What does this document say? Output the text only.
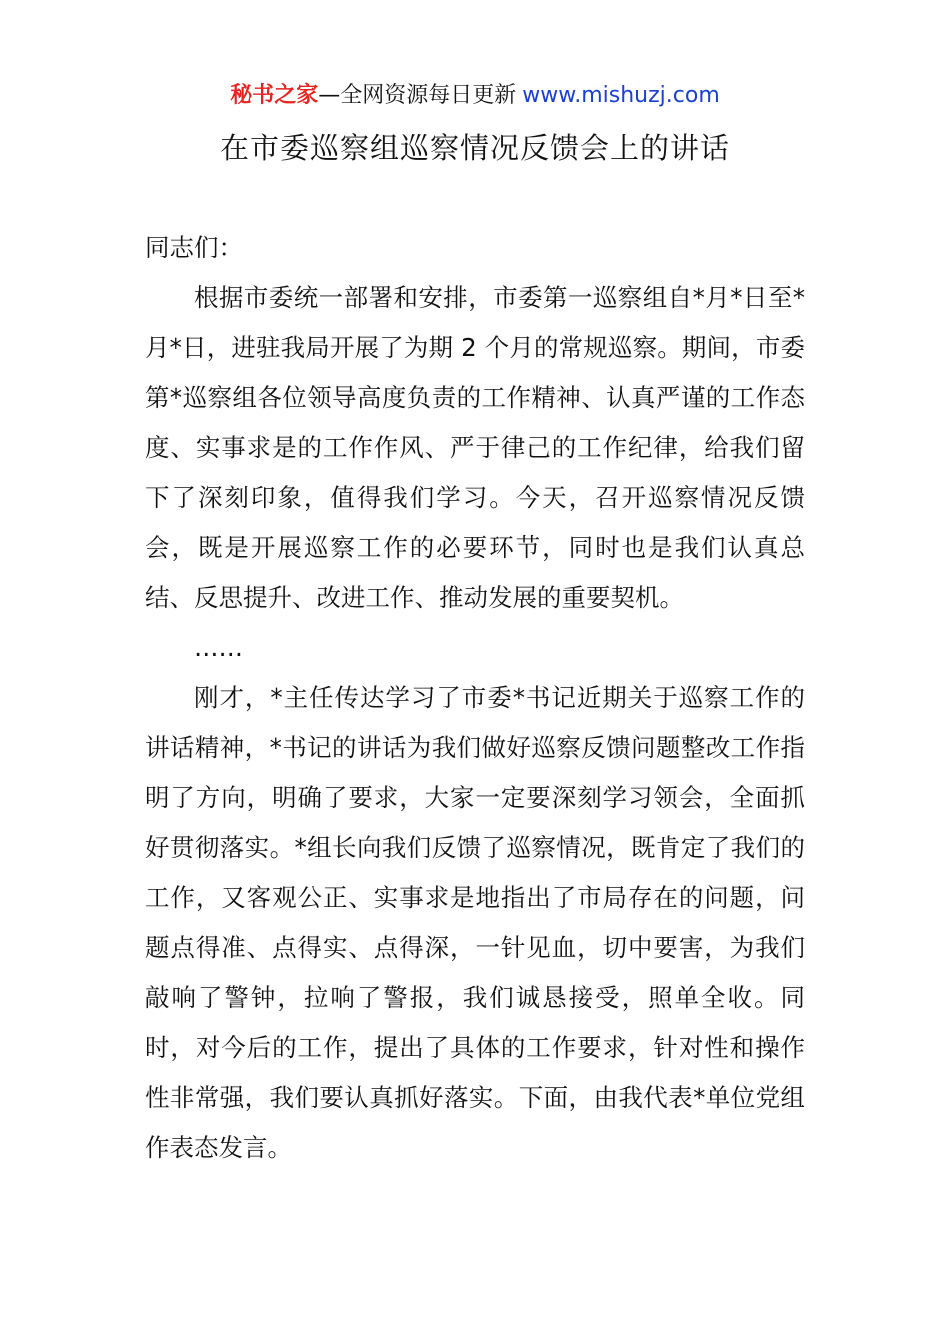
秘书之家—全网资源每日更新 www.mishuzj.com
在市委巡察组巡察情况反馈会上的讲话

同志们：

根据市委统一部署和安排，市委第一巡察组自*月*日至*月*日，进驻我局开展了为期 2 个月的常规巡察。期间，市委第*巡察组各位领导高度负责的工作精神、认真严谨的工作态度、实事求是的工作作风、严于律己的工作纪律，给我们留下了深刻印象，值得我们学习。今天，召开巡察情况反馈会，既是开展巡察工作的必要环节，同时也是我们认真总结、反思提升、改进工作、推动发展的重要契机。

……

刚才，*主任传达学习了市委*书记近期关于巡察工作的讲话精神，*书记的讲话为我们做好巡察反馈问题整改工作指明了方向，明确了要求，大家一定要深刻学习领会，全面抓好贯彻落实。*组长向我们反馈了巡察情况，既肯定了我们的工作，又客观公正、实事求是地指出了市局存在的问题，问题点得准、点得实、点得深，一针见血，切中要害，为我们敲响了警钟，拉响了警报，我们诚恳接受，照单全收。同时，对今后的工作，提出了具体的工作要求，针对性和操作性非常强，我们要认真抓好落实。下面，由我代表*单位党组作表态发言。
